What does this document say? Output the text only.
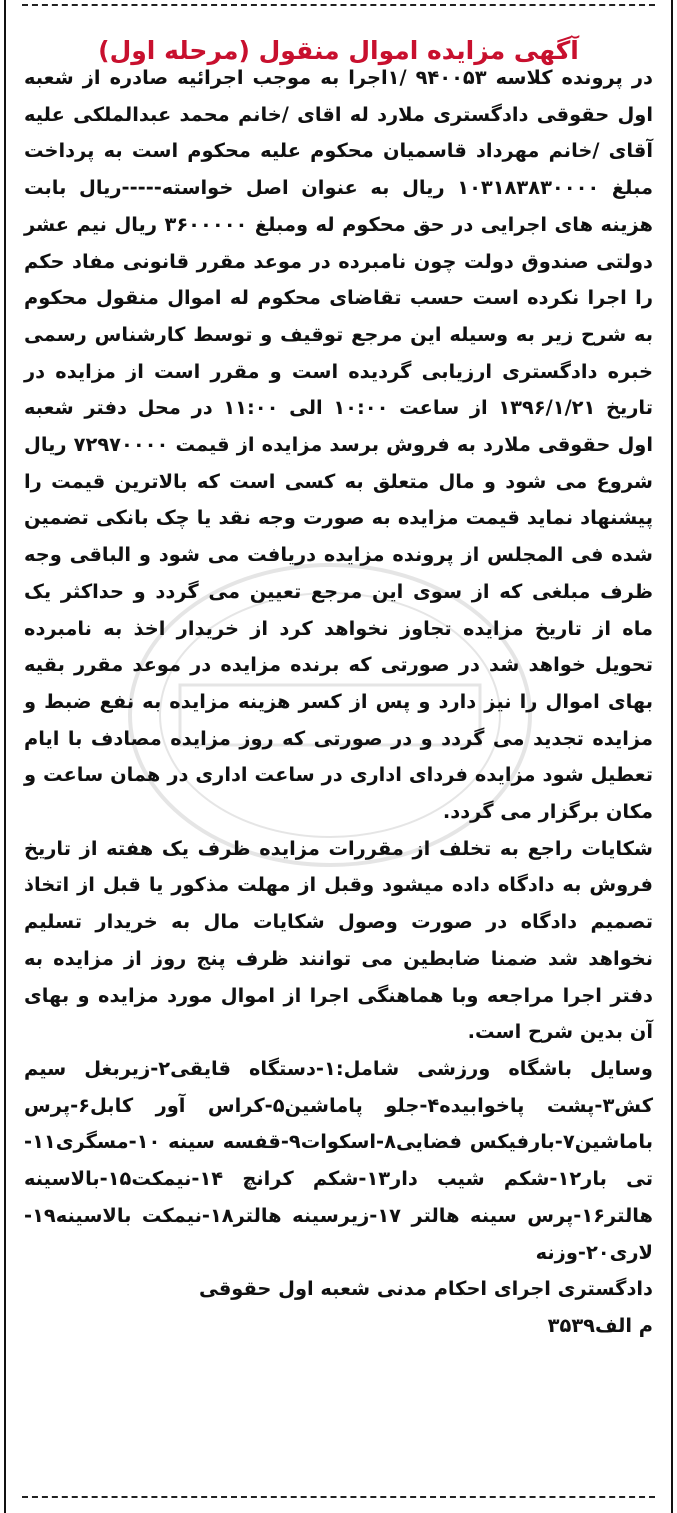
آگهی مزایده اموال منقول (مرحله اول)

در پرونده کلاسه ۹۴۰۰۵۳ /۱اجرا به موجب اجرائیه صادره از شعبه اول حقوقی دادگستری ملارد له اقای /خانم محمد عبدالملکی علیه آقای /خانم مهرداد قاسمیان محکوم علیه محکوم است به پرداخت مبلغ ۱۰۳۱۸۳۸۳۰۰۰۰ ریال به عنوان اصل خواسته-----ریال بابت هزینه های اجرایی در حق محکوم له ومبلغ ۳۶۰۰۰۰۰ ریال نیم عشر دولتی صندوق دولت چون نامبرده در موعد مقرر قانونی مفاد حکم را اجرا نکرده است حسب تقاضای محکوم له اموال منقول محکوم به شرح زیر به وسیله این مرجع توقیف و توسط کارشناس رسمی خبره دادگستری ارزیابی گردیده است و مقرر است از مزایده در تاریخ ۱۳۹۶/۱/۲۱ از ساعت ۱۰:۰۰ الی ۱۱:۰۰ در محل دفتر شعبه اول حقوقی ملارد به فروش برسد مزایده از قیمت ۷۲۹۷۰۰۰۰ ریال شروع می شود و مال متعلق به کسی است که بالاترین قیمت را پیشنهاد نماید قیمت مزایده به صورت وجه نقد یا چک بانکی تضمین شده فی المجلس از پرونده مزایده دریافت می شود و الباقی وجه ظرف مبلغی که از سوی این مرجع تعیین می گردد و حداکثر یک ماه از تاریخ مزایده تجاوز نخواهد کرد از خریدار اخذ به نامبرده تحویل خواهد شد در صورتی که برنده مزایده در موعد مقرر بقیه بهای اموال را نیز دارد و پس از کسر هزینه مزایده به نفع ضبط و مزایده تجدید می گردد و در صورتی که روز مزایده مصادف با ایام تعطیل شود مزایده فردای اداری در ساعت اداری در همان ساعت و مکان برگزار می گردد.

شکایات راجع به تخلف از مقررات مزایده ظرف یک هفته از تاریخ فروش به دادگاه داده میشود وقبل از مهلت مذکور یا قبل از اتخاذ تصمیم دادگاه در صورت وصول شکایات مال به خریدار تسلیم نخواهد شد ضمنا ضابطین می توانند ظرف پنج روز از مزایده به دفتر اجرا مراجعه وبا هماهنگی اجرا از اموال مورد مزایده و بهای آن بدین شرح است.

وسایل باشگاه ورزشی شامل:۱-دستگاه قایقی۲-زیربغل سیم کش۳-پشت پاخوابیده۴-جلو پاماشین۵-کراس آور کابل۶-پرس باماشین۷-بارفیکس فضایی۸-اسکوات۹-قفسه سینه ۱۰-مسگری۱۱-تی بار۱۲-شکم شیب دار۱۳-شکم کرانچ ۱۴-نیمکت۱۵-بالاسینه هالتر۱۶-پرس سینه هالتر ۱۷-زیرسینه هالتر۱۸-نیمکت بالاسینه۱۹-لاری۲۰-وزنه

دادگستری اجرای احکام مدنی شعبه اول حقوقی

م الف۳۵۳۹
